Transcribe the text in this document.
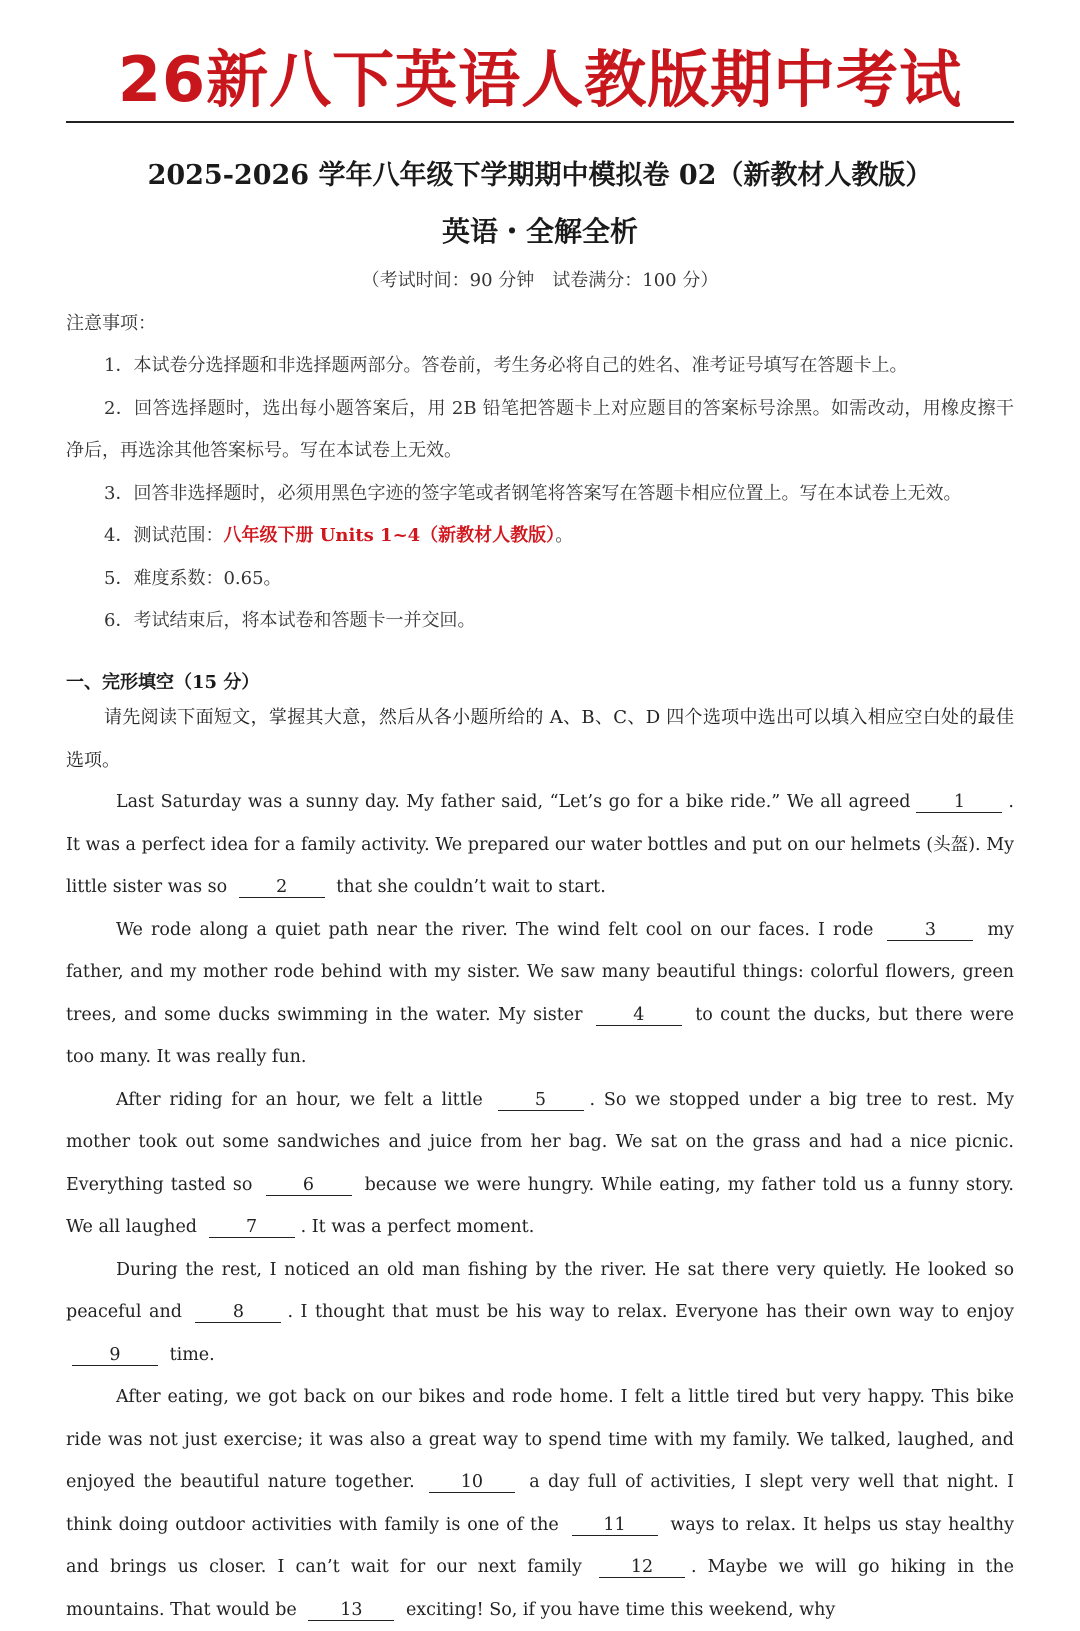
26新八下英语人教版期中考试
2025-2026 学年八年级下学期期中模拟卷 02（新教材人教版）
英语・全解全析
（考试时间：90 分钟　试卷满分：100 分）
注意事项：
1．本试卷分选择题和非选择题两部分。答卷前，考生务必将自己的姓名、准考证号填写在答题卡上。
2．回答选择题时，选出每小题答案后，用 2B 铅笔把答题卡上对应题目的答案标号涂黑。如需改动，用橡皮擦干净后，再选涂其他答案标号。写在本试卷上无效。
3．回答非选择题时，必须用黑色字迹的签字笔或者钢笔将答案写在答题卡相应位置上。写在本试卷上无效。
4．测试范围：八年级下册 Units 1~4（新教材人教版）。
5．难度系数：0.65。
6．考试结束后，将本试卷和答题卡一并交回。
一、完形填空（15 分）

请先阅读下面短文，掌握其大意，然后从各小题所给的 A、B、C、D 四个选项中选出可以填入相应空白处的最佳选项。

Last Saturday was a sunny day. My father said, “Let’s go for a bike ride.” We all agreed 1 . It was a perfect idea for a family activity. We prepared our water bottles and put on our helmets (头盔). My little sister was so	2	that she couldn’t wait to start.

We rode along a quiet path near the river. The wind felt cool on our faces. I rode	3	my father, and my mother rode behind with my sister. We saw many beautiful things: colorful flowers, green trees, and some ducks swimming in the water. My sister	4	to count the ducks, but there were too many. It was really fun.

After riding for an hour, we felt a little	5 . So we stopped under a big tree to rest. My mother took out some sandwiches and juice from her bag. We sat on the grass and had a nice picnic. Everything tasted so	6	because we were hungry. While eating, my father told us a funny story. We all laughed	7 . It was a perfect moment.

During the rest, I noticed an old man fishing by the river. He sat there very quietly. He looked so peaceful and	8 . I thought that must be his way to relax. Everyone has their own way to enjoy 9	time.

After eating, we got back on our bikes and rode home. I felt a little tired but very happy. This bike ride was not just exercise; it was also a great way to spend time with my family. We talked, laughed, and enjoyed the beautiful nature together.	10	a day full of activities, I slept very well that night. I think doing outdoor activities with family is one of the	11	ways to relax. It helps us stay healthy and brings us closer. I can’t wait for our next family	12 . Maybe we will go hiking in the mountains. That would be 13 exciting! So, if you have time this weekend, why
